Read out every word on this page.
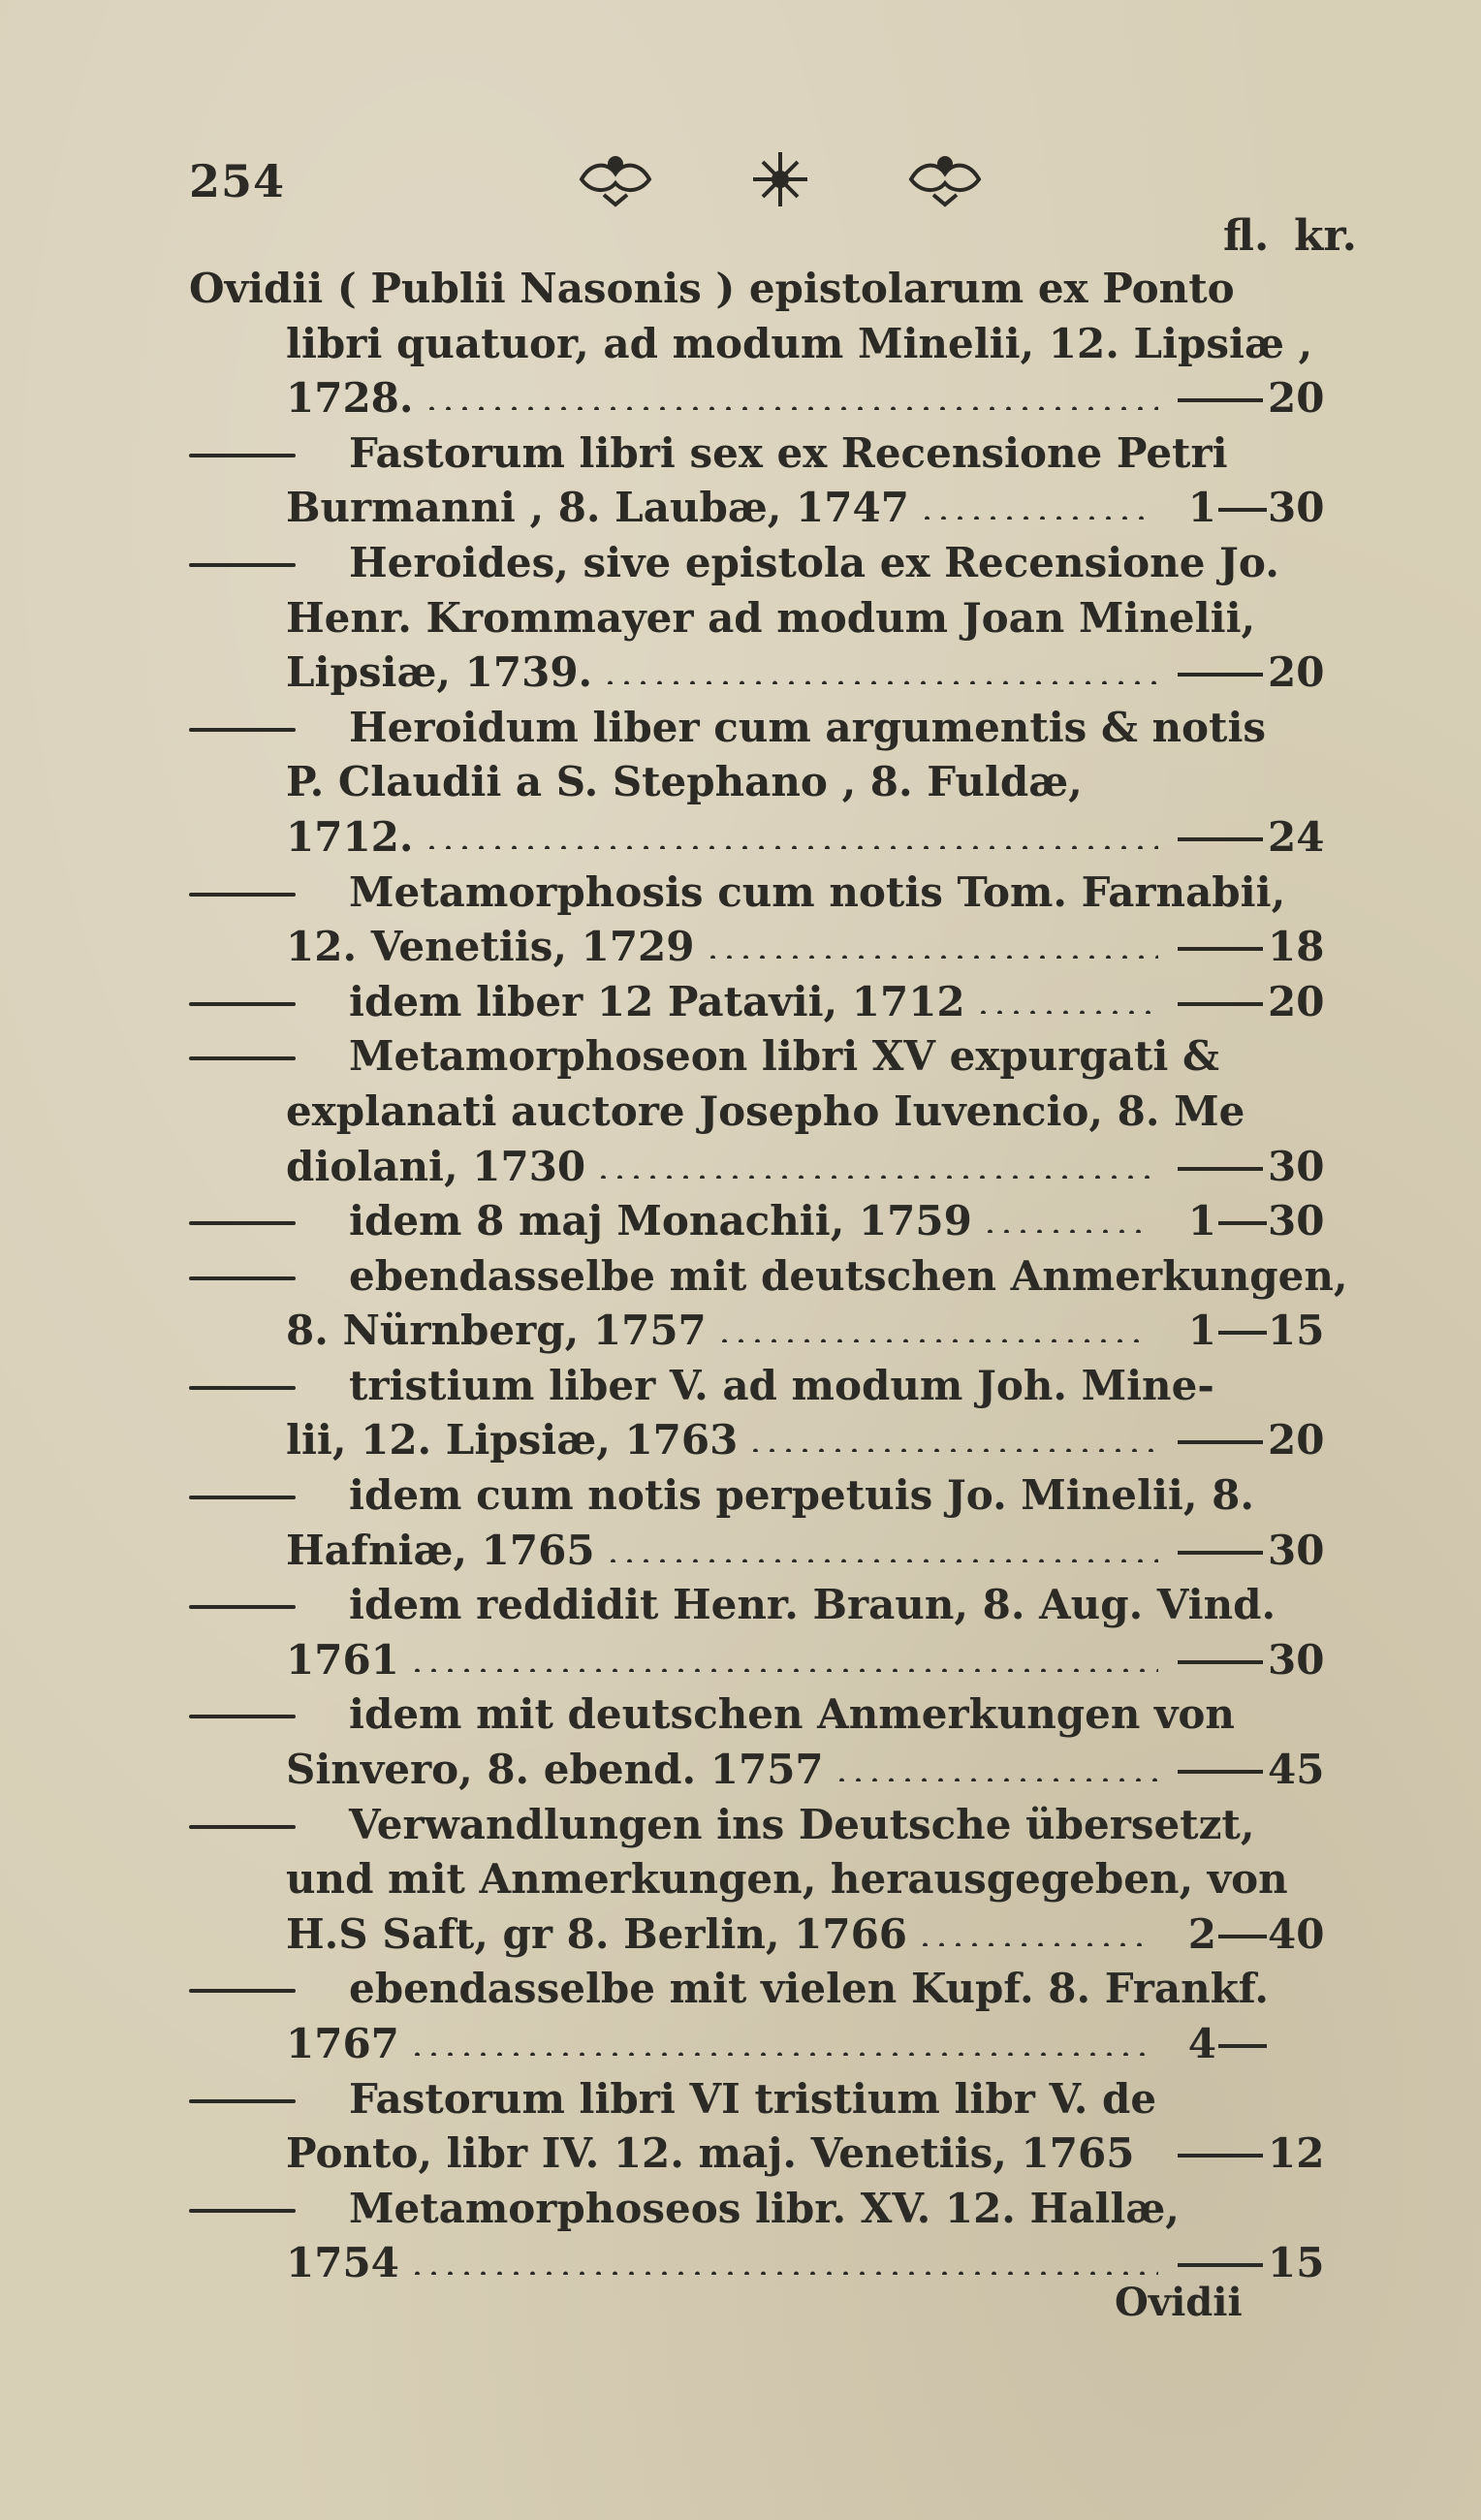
254
fl. kr.
Ovidii ( Publii Nasonis ) epistolarum ex Ponto
libri quatuor, ad modum Minelii, 12. Lipsiæ ,
1728.	20
Fastorum libri sex ex Recensione Petri
Burmanni , 8. Laubæ, 1747	1 30
Heroides, sive epistola ex Recensione Jo.
Henr. Krommayer ad modum Joan Minelii,
Lipsiæ, 1739.	20
Heroidum liber cum argumentis & notis
P. Claudii a S. Stephano , 8. Fuldæ,
1712.	24
Metamorphosis cum notis Tom. Farnabii,
12. Venetiis, 1729	18
idem liber 12 Patavii, 1712	20
Metamorphoseon libri XV expurgati &
explanati auctore Josepho Iuvencio, 8. Me
diolani, 1730	30
idem 8 maj Monachii, 1759	1 30
ebendasselbe mit deutschen Anmerkungen,
8. Nürnberg, 1757	1 15
tristium liber V. ad modum Joh. Mine-
lii, 12. Lipsiæ, 1763	20
idem cum notis perpetuis Jo. Minelii, 8.
Hafniæ, 1765	30
idem reddidit Henr. Braun, 8. Aug. Vind.
1761	30
idem mit deutschen Anmerkungen von
Sinvero, 8. ebend. 1757	45
Verwandlungen ins Deutsche übersetzt,
und mit Anmerkungen, herausgegeben, von
H.S Saft, gr 8. Berlin, 1766	2 40
ebendasselbe mit vielen Kupf. 8. Frankf.
1767	4
Fastorum libri VI tristium libr V. de
Ponto, libr IV. 12. maj. Venetiis, 1765	12
Metamorphoseos libr. XV. 12. Hallæ,
1754	15
Ovidii
